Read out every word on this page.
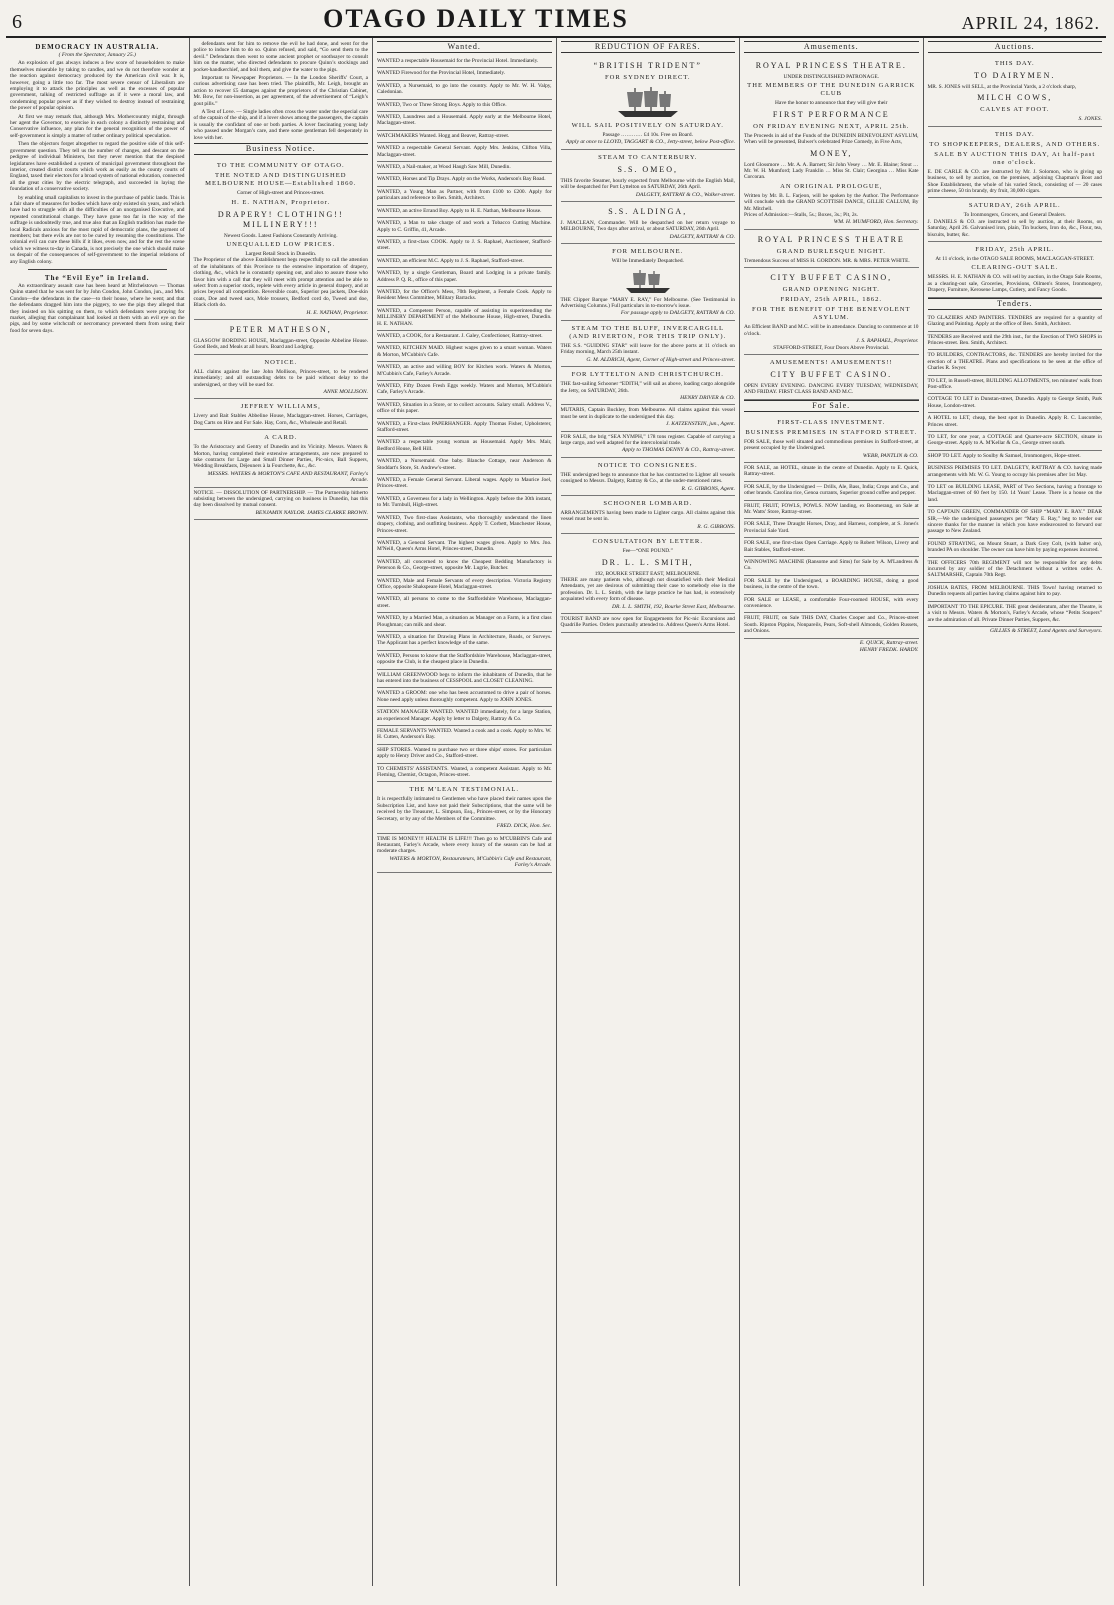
6	OTAGO DAILY TIMES	APRIL 24, 1862.
DEMOCRACY IN AUSTRALIA.
( From the Spectator, January 25.)

An explosion of gas always induces a few score of householders to make themselves miserable by taking to candles, and we do not therefore wonder at the reaction against democracy produced by the American civil war. It is, however, going a little too far. The most severe censor of Liberalism are employing it to attack the principles as well as the excesses of popular government, talking of restricted suffrage as if it were a moral law, and condemning popular power as if they wished to destroy instead of restraining the power of popular opinion.

At first we may remark that, although Mrs. Mothercountry might, through her agent the Governor, to exercise in each colony a distinctly restraining and Conservative influence, any plan for the general recognition of the power of self-government is simply a matter of rather ordinary political speculation.

Then the objectors forget altogether to regard the positive side of this self-government question. They tell us the number of changes, and descant on the pedigree of individual Ministers, but they never mention that the despised legislatures have established a system of municipal government throughout the interior, created district courts which work as easily as the county courts of England, taxed their electors for a broad system of national education, connected all the great cities by the electric telegraph, and succeeded in laying the foundation of a conservative society.

by enabling small capitalists to invest in the purchase of public lands. This is a fair share of measures for bodies which have only existed six years, and which have had to struggle with all the difficulties of an unorganised Executive, and repeated constitutional change. They have gone too far in the way of the suffrage is undoubtedly true, and true also that an English tradition has made the local Radicals anxious for the most rapid of democratic plans, the payment of members; but there evils are not to be cured by resuming the constitutions. The colonial evil can cure these bills if it likes, even now, and for the rest the scene which we witness to-day in Canada, is not precisely the one which should make us despair of the consequences of self-government to the imperial relations of any English colony.

The “Evil Eye” in Ireland.

An extraordinary assault case has been heard at Mitchelstown — Thomas Quinn stated that he was sent for by John Condon, John Condon, jun., and Mrs. Condon—the defendants in the case—to their house, where he went; and that the defendants dragged him into the piggery, to see the pigs they alleged that they insisted on his spitting on them, to which defendants were praying for market, alleging that complainant had looked at them with an evil eye on the pigs, and by some witchcraft or necromancy prevented them from using their food for seven days.

defendants sent for him to remove the evil he had done, and went for the police to induce him to do so. Quinn refused, and said, “Go send them to the devil.” Defendants then went to some ancient prophet or soothsayer to consult him on the matter, who directed defendants to procure Quinn’s stockings and pocket-handkerchief, and boil them, and give the water to the pigs.

Important to Newspaper Proprietors. — In the London Sheriffs’ Court, a curious advertising case has been tried. The plaintiffs, Mr. Leigh, brought an action to recover £5 damages against the proprietors of the Christian Cabinet, Mr. Bow, for non-insertion, as per agreement, of the advertisement of “Leigh’s gout pills.”

A Test of Love. — Single ladies often cross the water under the especial care of the captain of the ship, and if a lover shows among the passengers, the captain is usually the confidant of one or both parties. A lover fascinating young lady who passed under Morgan’s care, and there some gentleman fell desperately in love with her.

Business Notice.
TO THE COMMUNITY OF OTAGO.
THE NOTED AND DISTINGUISHED MELBOURNE HOUSE—Established 1860.
Corner of High-street and Princes-street.
H. E. NATHAN, Proprietor.
DRAPERY! CLOTHING!! MILLINERY!!!
Newest Goods. Latest Fashions Constantly Arriving.
UNEQUALLED LOW PRICES.
Largest Retail Stock in Dunedin.
The Proprietor of the above Establishment begs respectfully to call the attention of the inhabitants of this Province to the extensive importation of drapery, clothing, &c., which he is constantly opening out, and also to assure those who favor him with a call that they will meet with prompt attention and be able to select from a superior stock, replete with every article in general drapery, and at prices beyond all competition. Reversible coats, Superior pea jackets, Doe-skin coats, Doe and tweed sacs, Mole trousers, Bedford cord do, Tweed and doe, Black cloth do.
H. E. NATHAN, Proprietor.
PETER MATHESON,
GLASGOW BORDING HOUSE, Maclaggan-street, Opposite Abbeline House. Good Beds, and Meals at all hours. Board and Lodging.
NOTICE.
ALL claims against the late John Mollison, Princes-street, to be rendered immediately; and all outstanding debts to be paid without delay to the undersigned, or they will be sued for.
ANNE MOLLISON.
JEFFREY WILLIAMS,
Livery and Bait Stables Abbeline House, Maclaggan-street. Horses, Carriages, Dog Carts on Hire and For Sale. Hay, Corn, &c., Wholesale and Retail.
A CARD.
To the Aristocracy and Gentry of Dunedin and its Vicinity. Messrs. Waters & Morton, having completed their extensive arrangements, are now prepared to take contracts for Large and Small Dinner Parties, Pic-nics, Ball Suppers, Wedding Breakfasts, Déjeuners à la Fourchette, &c., &c.
MESSRS. WATERS & MORTON'S CAFE AND RESTAURANT, Farley's Arcade.
NOTICE. — DISSOLUTION OF PARTNERSHIP. — The Partnership hitherto subsisting between the undersigned, carrying on business in Dunedin, has this day been dissolved by mutual consent.
BENJAMIN NAYLOR. JAMES CLARKE BROWN.
Wanted.
WANTED a respectable Housemaid for the Provincial Hotel. Immediately.
WANTED Firewood for the Provincial Hotel, Immediately.
WANTED, a Nursemaid, to go into the country. Apply to Mr. W. H. Valpy, Caledonian.
WANTED, Two or Three Strong Boys. Apply to this Office.
WANTED, Laundress and a Housemaid. Apply early at the Melbourne Hotel, Maclaggan-street.
WATCHMAKERS Wanted. Hogg and Beaver, Rattray-street.
WANTED a respectable General Servant. Apply Mrs. Jenkins, Clifton Villa, Maclaggan-street.
WANTED, a Nail-maker, at Wood Haugh Saw Mill, Dunedin.
WANTED, Horses and Tip Drays. Apply on the Works, Anderson's Bay Road.
WANTED, a Young Man as Partner, with from £100 to £200. Apply for particulars and reference to Ben. Smith, Architect.
WANTED, an active Errand Boy. Apply to H. E. Nathan, Melbourne House.
WANTED, a Man to take charge of and work a Tobacco Cutting Machine. Apply to C. Griffin, 41, Arcade.
WANTED, a first-class COOK. Apply to J. S. Raphael, Auctioneer, Stafford-street.
WANTED, an efficient M.C. Apply to J. S. Raphael, Stafford-street.
WANTED, by a single Gentleman, Board and Lodging in a private family. Address P. Q. R., office of this paper.
WANTED, for the Officer's Mess, 70th Regiment, a Female Cook. Apply to Resident Mess Committee, Military Barracks.
WANTED, a Competent Person, capable of assisting in superintending the MILLINERY DEPARTMENT of the Melbourne House, High-street, Dunedin. H. E. NATHAN.
WANTED, a COOK, for a Restaurant. J. Galey, Confectioner, Rattray-street.
WANTED, KITCHEN MAID. Highest wages given to a smart woman. Waters & Morton, M'Cubbin's Cafe.
WANTED, an active and willing BOY for Kitchen work. Waters & Morton, M'Cubbin's Cafe, Farley's Arcade.
WANTED, Fifty Dozen Fresh Eggs weekly. Waters and Morton, M'Cubbin's Cafe, Farley's Arcade.
WANTED, Situation in a Store, or to collect accounts. Salary small. Address V., office of this paper.
WANTED, a First-class PAPERHANGER. Apply Thomas Fisher, Upholsterer, Stafford-street.
WANTED a respectable young woman as Housemaid. Apply Mrs. Mair, Bedford House, Bell Hill.
WANTED, a Nursemaid. One baby. Blanche Cottage, near Anderson & Stoddart's Store, St. Andrew's-street.
WANTED, a Female General Servant. Liberal wages. Apply to Maurice Joel, Princes-street.
WANTED, a Governess for a lady in Wellington. Apply before the 30th instant, to Mr. Turnbull, High-street.
WANTED, Two first-class Assistants, who thoroughly understand the linen drapery, clothing, and outfitting business. Apply T. Corbett, Manchester House, Princes-street.
WANTED, a General Servant. The highest wages given. Apply to Mrs. Jno. M'Neill, Queen's Arms Hotel, Princes-street, Dunedin.
WANTED, all concerned to know the Cheapest Bedding Manufactory is Peterson & Co., George-street, opposite Mr. Lugrie, Butcher.
WANTED, Male and Female Servants of every description. Victoria Registry Office, opposite Shakspeare Hotel, Maclaggan-street.
WANTED, all persons to come to the Staffordshire Warehouse, Maclaggan-street.
WANTED, by a Married Man, a situation as Manager on a Farm, is a first class Ploughman; can milk and shear.
WANTED, a situation for Drawing Plans in Architecture, Roads, or Surveys. The Applicant has a perfect knowledge of the same.
WANTED, Persons to know that the Staffordshire Warehouse, Maclaggan-street, opposite the Club, is the cheapest place in Dunedin.
WILLIAM GREENWOOD begs to inform the inhabitants of Dunedin, that he has entered into the business of CESSPOOL and CLOSET CLEANING.
WANTED a GROOM: one who has been accustomed to drive a pair of horses. None need apply unless thoroughly competent. Apply to JOHN JONES.
STATION MANAGER WANTED. WANTED immediately, for a large Station, an experienced Manager. Apply by letter to Dalgety, Rattray & Co.
FEMALE SERVANTS WANTED. Wanted a cook and a cook. Apply to Mrs. W. H. Cutten, Anderson's Bay.
SHIP STORES. Wanted to purchase two or three ships' stores. For particulars apply to Henry Driver and Co., Stafford-street.
TO CHEMISTS' ASSISTANTS. Wanted, a competent Assistant. Apply to Mr. Fleming, Chemist, Octagon, Princes-street.
THE M'LEAN TESTIMONIAL.
It is respectfully intimated to Gentlemen who have placed their names upon the Subscription List, and have not paid their Subscriptions, that the same will be received by the Treasurer, L. Simpson, Esq., Princes-street, or by the Honorary Secretary, or by any of the Members of the Committee.
FRED. DICK, Hon. Sec.
TIME IS MONEY!!! HEALTH IS LIFE!!! Then go to M'CUBBIN'S Cafe and Restaurant, Farley's Arcade, where every luxury of the season can be had at moderate charges.
WATERS & MORTON, Restaurateurs, M'Cubbin's Cafe and Restaurant, Farley's Arcade.
REDUCTION OF FARES.
“BRITISH TRIDENT”
FOR SYDNEY DIRECT.
WILL SAIL POSITIVELY ON SATURDAY.
Passage ………… £4 10s. Free on Board.
Apply at once to LLOYD, TAGGART & CO., Jetty-street, below Post-office.
STEAM TO CANTERBURY.
S.S. OMEO,
THIS favorite Steamer, hourly expected from Melbourne with the English Mail, will be despatched for Port Lyttelton on SATURDAY, 26th April.
DALGETY, RATTRAY & CO., Walker-street.
S.S. ALDINGA,
J. MACLEAN, Commander. Will be despatched on her return voyage to MELBOURNE, Two days after arrival, or about SATURDAY, 26th April.
DALGETY, RATTRAY & CO.
FOR MELBOURNE.
Will be Immediately Despatched.
THE Clipper Barque “MARY E. RAY,” For Melbourne. (See Testimonial in Advertising Columns.) Full particulars in to-morrow's issue.
For passage apply to DALGETY, RATTRAY & CO.
STEAM TO THE BLUFF, INVERCARGILL (AND RIVERTON, FOR THIS TRIP ONLY).
THE S.S. “GUIDING STAR” will leave for the above ports at 11 o'clock on Friday morning, March 25th instant.
G. M. ALDRICH, Agent, Corner of High-street and Princes-street.
FOR LYTTELTON AND CHRISTCHURCH.
THE fast-sailing Schooner “EDITH,” will sail as above, loading cargo alongside the Jetty, on SATURDAY, 26th.
HENRY DRIVER & CO.
MUTARIS, Captain Buckley, from Melbourne. All claims against this vessel must be sent in duplicate to the undersigned this day.
J. KATZENSTEIN, jun., Agent.
FOR SALE, the brig “SEA NYMPH,” 178 tons register. Capable of carrying a large cargo, and well adapted for the intercolonial trade.
Apply to THOMAS DENNY & CO., Rattray-street.
NOTICE TO CONSIGNEES.
THE undersigned begs to announce that he has contracted to Lighter all vessels consigned to Messrs. Dalgety, Rattray & Co., at the under-mentioned rates.
R. G. GIBBONS, Agent.
SCHOONER LOMBARD.
ARRANGEMENTS having been made to Lighter cargo. All claims against this vessel must be sent in.
R. G. GIBBONS.
CONSULTATION BY LETTER.
Fee—“ONE POUND.”
DR. L. L. SMITH,
192, BOURKE STREET EAST, MELBOURNE.
THERE are many patients who, although not dissatisfied with their Medical Attendants, yet are desirous of submitting their case to somebody else in the profession. Dr. L. L. Smith, with the large practice he has had, is extensively acquainted with every form of disease.
DR. L. L. SMITH, 192, Bourke Street East, Melbourne.
TOURIST BAND are now open for Engagements for Pic-nic Excursions and Quadrille Parties. Orders punctually attended to. Address Queen's Arms Hotel.
Amusements.
ROYAL PRINCESS THEATRE.
UNDER DISTINGUISHED PATRONAGE.
THE MEMBERS OF THE DUNEDIN GARRICK CLUB
Have the honor to announce that they will give their
FIRST PERFORMANCE
ON FRIDAY EVENING NEXT, APRIL 25th.
The Proceeds in aid of the Funds of the DUNEDIN BENEVOLENT ASYLUM, When will be presented, Bulwer's celebrated Prize Comedy, in Five Acts,
MONEY,
Lord Glossmore … Mr. A. A. Barnett; Sir John Vesey … Mr. E. Blaine; Stout … Mr. W. H. Mumford; Lady Franklin … Miss St. Clair; Georgina … Miss Kate Corcoran.
AN ORIGINAL PROLOGUE,
Written by Mr. B. L. Farjeon, will be spoken by the Author. The Performance will conclude with the GRAND SCOTTISH DANCE, GILLIE CALLUM, By Mr. Mitchell.
Prices of Admission:—Stalls, 5s.; Boxes, 3s.; Pit, 2s.
WM. H. MUMFORD, Hon. Secretary.
ROYAL PRINCESS THEATRE
GRAND BURLESQUE NIGHT.
Tremendous Success of MISS H. GORDON. MR. & MRS. PETER WHITE.
CITY BUFFET CASINO,
GRAND OPENING NIGHT.
FRIDAY, 25th APRIL, 1862.
FOR THE BENEFIT OF THE BENEVOLENT ASYLUM.
An Efficient BAND and M.C. will be in attendance. Dancing to commence at 10 o'clock.
J. S. RAPHAEL, Proprietor.
STAFFORD-STREET, Four Doors Above Provincial.
AMUSEMENTS! AMUSEMENTS!!
CITY BUFFET CASINO.
OPEN EVERY EVENING. DANCING EVERY TUESDAY, WEDNESDAY, AND FRIDAY. FIRST CLASS BAND AND M.C.
For Sale.
FIRST-CLASS INVESTMENT.
BUSINESS PREMISES IN STAFFORD STREET.
FOR SALE, those well situated and commodious premises in Stafford-street, at present occupied by the Undersigned.
WEBB, PANTLIN & CO.
FOR SALE, an HOTEL, situate in the centre of Dunedin. Apply to E. Quick, Rattray-street.
FOR SALE, by the Undersigned — Drills, Ale, Bass, India; Crops and Co., and other brands. Carolina rice, Genoa currants, Superior ground coffee and pepper.
FRUIT, FRUIT, FOWLS, POWLS. NOW landing, ex Boomerang, on Sale at Mr. Watts' Store, Rattray-street.
FOR SALE, Three Draught Horses, Dray, and Harness, complete, at S. Jones's Provincial Sale Yard.
FOR SALE, one first-class Open Carriage. Apply to Robert Wilson, Livery and Bait Stables, Stafford-street.
WINNOWING MACHINE (Ransome and Sims) for Sale by A. M'Landress & Co.
FOR SALE by the Undersigned, a BOARDING HOUSE, doing a good business, in the centre of the town.
FOR SALE or LEASE, a comfortable Four-roomed HOUSE, with every convenience.
FRUIT, FRUIT, on Sale THIS DAY, Charles Cooper and Co., Princes-street South. Ripston Pippins, Nonpareils, Pears, Soft-shell Almonds, Golden Russets, and Onions.
E. QUICK, Rattray-street.
HENRY FREDK. HARDY.
Auctions.
THIS DAY.
TO DAIRYMEN.
MR. S. JONES will SELL, at the Provincial Yards, a 2 o'clock sharp,
MILCH COWS,
CALVES AT FOOT.
S. JONES.
THIS DAY.
TO SHOPKEEPERS, DEALERS, AND OTHERS.
SALE BY AUCTION THIS DAY, At half-past one o'clock.
E. DE CARLE & CO. are instructed by Mr. J. Solomon, who is giving up business, to sell by auction, on the premises, adjoining Chapman's Boot and Shoe Establishment, the whole of his varied Stock, consisting of — 20 cases prime cheese, 50 tin brandy, dry fruit, 30,000 cigars.
SATURDAY, 26th APRIL.
To Ironmongers, Grocers, and General Dealers.
J. DANIELS & CO. are instructed to sell by auction, at their Rooms, on Saturday, April 26. Galvanised iron, plain, Tin buckets, Iron do, &c., Flour, tea, biscuits, butter, &c.
FRIDAY, 25th APRIL.
At 11 o'clock, in the OTAGO SALE ROOMS, MACLAGGAN-STREET.
CLEARING-OUT SALE.
MESSRS. H. E. NATHAN & CO. will sell by auction, in the Otago Sale Rooms, as a clearing-out sale, Groceries, Provisions, Oilmen's Stores, Ironmongery, Drapery, Furniture, Kerosene Lamps, Cutlery, and Fancy Goods.
Tenders.
TO GLAZIERS AND PAINTERS. TENDERS are required for a quantity of Glazing and Painting. Apply at the office of Ben. Smith, Architect.
TENDERS are Received until the 29th inst., for the Erection of TWO SHOPS in Princes-street. Ben. Smith, Architect.
TO BUILDERS, CONTRACTORS, &c. TENDERS are hereby invited for the erection of a THEATRE. Plans and specifications to be seen at the office of Charles R. Swyer.
TO LET, in Russell-street, BUILDING ALLOTMENTS, ten minutes' walk from Post-office.
COTTAGE TO LET in Dunstan-street, Dunedin. Apply to George Smith, Park House, London-street.
A HOTEL to LET, cheap, the best spot in Dunedin. Apply R. C. Luscombe, Princes street.
TO LET, for one year, a COTTAGE and Quarter-acre SECTION, situate in George-street. Apply to A. M'Kellar & Co., George street south.
SHOP TO LET. Apply to Soulby & Samuel, Ironmongers, Hope-street.
BUSINESS PREMISES TO LET. DALGETY, RATTRAY & CO. having made arrangements with Mr. W. G. Young to occupy his premises after 1st May.
TO LET on BUILDING LEASE, PART of Two Sections, having a frontage to Maclaggan-street of 60 feet by 150. 14 Years' Lease. There is a house on the land.
TO CAPTAIN GREEN, COMMANDER OF SHIP “MARY E. RAY.” DEAR SIR,—We the undersigned passengers per “Mary E. Ray,” beg to tender our sincere thanks for the manner in which you have endeavoured to forward our passage to New Zealand.
FOUND STRAYING, on Mount Stuart, a Dark Grey Colt, (with halter on), branded PA on shoulder. The owner can have him by paying expenses incurred.
THE OFFICERS 70th REGIMENT will not be responsible for any debts incurred by any soldier of the Detachment without a written order. A. SALTMARSHE, Captain 70th Regt.
JOSHUA BATES, FROM MELBOURNE. THIS Town! having returned to Dunedin requests all parties having claims against him to pay.
IMPORTANT TO THE EPICURE. THE great desideratum, after the Theatre, is a visit to Messrs. Waters & Morton's, Farley's Arcade, whose “Petits Soupers” are the admiration of all. Private Dinner Parties, Suppers, &c.
GILLIES & STREET, Land Agents and Surveyors.
